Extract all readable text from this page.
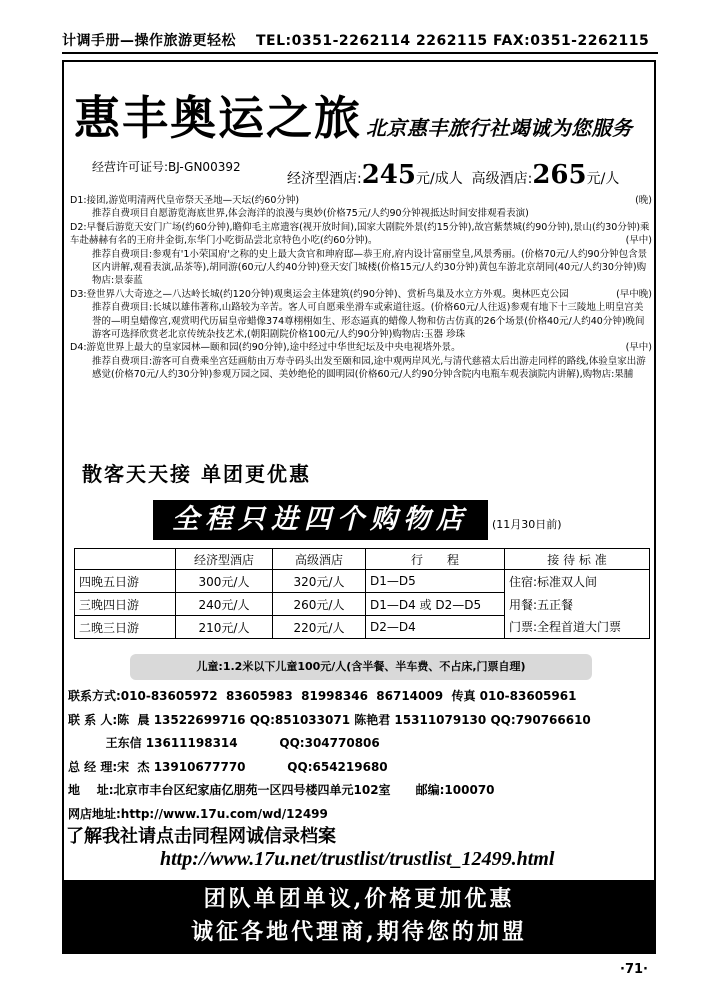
计调手册—操作旅游更轻松 TEL:0351-2262114 2262115 FAX:0351-2262115
惠丰奥运之旅 北京惠丰旅行社竭诚为您服务
经营许可证号:BJ-GN00392
经济型酒店:245元/成人 高级酒店:265元/人

(晚)
D1:接团,游览明清两代皇帝祭天圣地—天坛(约60分钟)

推荐自费项目自愿游览海底世界,体会海洋的浪漫与奥妙(价格75元/人约90分钟视抵达时间安排观看表演)

D2:早餐后游览天安门广场(约60分钟),瞻仰毛主席遗容(视开放时间),国家大剧院外景(约15分钟),故宫紫禁城(约90分钟),景山(约30分钟)乘车赴赫赫有名的王府井金街,东华门小吃街品尝北京特色小吃(约60分钟)。	(早中)

推荐自费项目:参观有'1小荣国府'之称的史上最大贪官和珅府邸—恭王府,府内设计富丽堂皇,风景秀丽。(价格70元/人约90分钟包含景区内讲解,观看表演,品茶等),胡同游(60元/人约40分钟)登天安门城楼(价格15元/人约30分钟)黄包车游北京胡同(40元/人约30分钟)购物店:景泰蓝

D3:登世界八大奇迹之—八达岭长城(约120分钟)观奥运会主体建筑(约90分钟)、赏析鸟巢及水立方外观。奥林匹克公园	(早中晚)

推荐自费项目:长城以雄伟著称,山路较为辛苦。客人可自愿乘坐滑车或索道往返。(价格60元/人往返)参观有地下十三陵地上明皇宫美誉的—明皇蜡像宫,观赏明代历届皇帝蜡像374尊栩栩如生、形态逼真的蜡像人物和仿古仿真的26个场景(价格40元/人约40分钟)晚间游客可选择欣赏老北京传统杂技艺术,(朝阳剧院价格100元/人约90分钟)购物店:玉器 珍珠

(早中)
D4:游览世界上最大的皇家园林—颐和园(约90分钟),途中经过中华世纪坛及中央电视塔外景。

推荐自费项目:游客可自费乘坐宫廷画舫由万寿寺码头出发至颐和园,途中观两岸风光,与清代慈禧太后出游走同样的路线,体验皇家出游感觉(价格70元/人约30分钟)参观万园之园、美妙绝伦的圆明园(价格60元/人约90分钟含院内电瓶车观表演院内讲解),购物店:果脯

散客天天接 单团更优惠
全程只进四个购物店	(11月30日前)
	经济型酒店	高级酒店	行　　程	接 待 标 准
四晚五日游	300元/人	320元/人	D1—D5	住宿:标准双人间
三晚四日游	240元/人	260元/人	D1—D4 或 D2—D5	用餐:五正餐
二晚三日游	210元/人	220元/人	D2—D4	门票:全程首道大门票
儿童:1.2米以下儿童100元/人(含半餐、半车费、不占床,门票自理)
联系方式:010-83605972  83605983  81998346  86714009  传真 010-83605961
联 系 人:陈  晨 13522699716 QQ:851033071 陈艳君 15311079130 QQ:790766610
王东信 13611198314          QQ:304770806
总 经 理:宋  杰 13910677770          QQ:654219680
地    址:北京市丰台区纪家庙亿朋苑一区四号楼四单元102室      邮编:100070
网店地址:http://www.17u.com/wd/12499
了解我社请点击同程网诚信录档案
http://www.17u.net/trustlist/trustlist_12499.html
团队单团单议,价格更加优惠
诚征各地代理商,期待您的加盟
·71·
